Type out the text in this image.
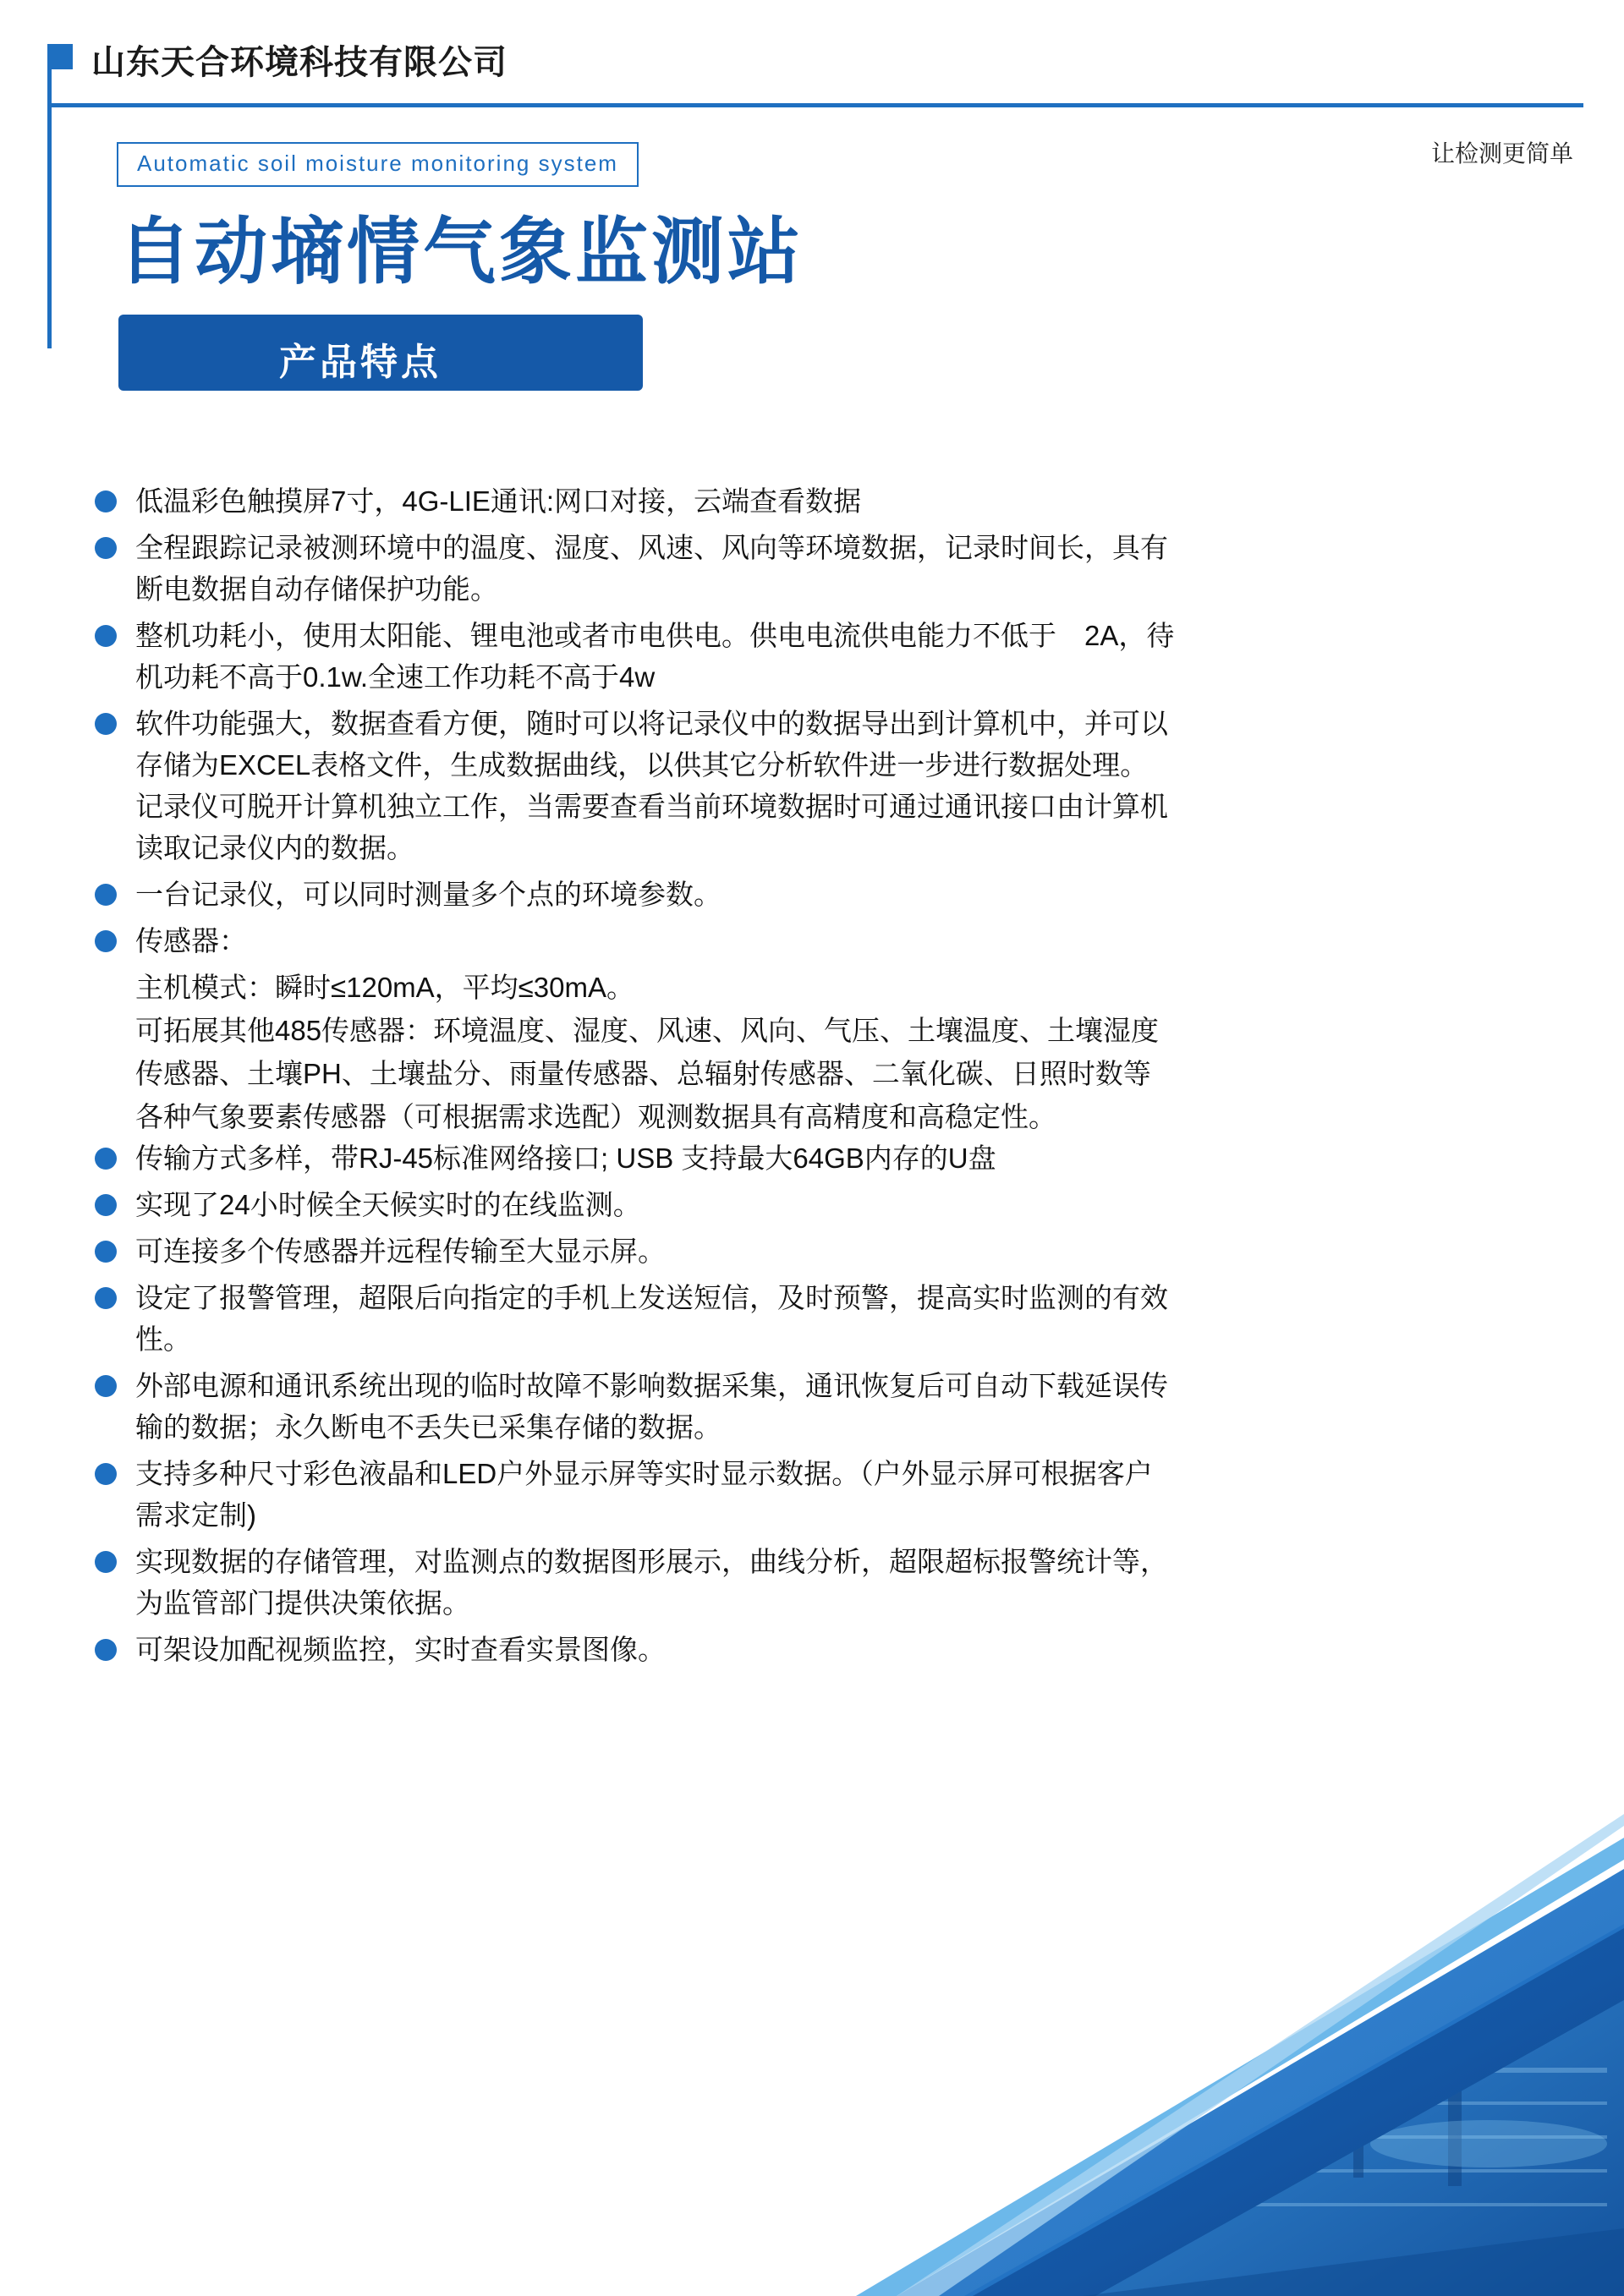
山东天合环境科技有限公司
让检测更简单
Automatic soil moisture monitoring system
自动墒情气象监测站
产品特点
低温彩色触摸屏7寸，4G-LIE通讯:网口对接，云端查看数据
全程跟踪记录被测环境中的温度、湿度、风速、风向等环境数据，记录时间长，具有
断电数据自动存储保护功能。
整机功耗小，使用太阳能、锂电池或者市电供电。供电电流供电能力不低于　2A，待
机功耗不高于0.1w.全速工作功耗不高于4w
软件功能强大，数据查看方便，随时可以将记录仪中的数据导出到计算机中，并可以
存储为EXCEL表格文件，生成数据曲线，以供其它分析软件进一步进行数据处理。
记录仪可脱开计算机独立工作，当需要查看当前环境数据时可通过通讯接口由计算机
读取记录仪内的数据。
一台记录仪，可以同时测量多个点的环境参数。
传感器：
主机模式：瞬时≤120mA，平均≤30mA。
可拓展其他485传感器：环境温度、湿度、风速、风向、气压、土壤温度、土壤湿度
传感器、土壤PH、土壤盐分、雨量传感器、总辐射传感器、二氧化碳、日照时数等
各种气象要素传感器（可根据需求选配）观测数据具有高精度和高稳定性。
传输方式多样，带RJ-45标准网络接口; USB 支持最大64GB内存的U盘
实现了24小时候全天候实时的在线监测。
可连接多个传感器并远程传输至大显示屏。
设定了报警管理，超限后向指定的手机上发送短信，及时预警，提高实时监测的有效
性。
外部电源和通讯系统出现的临时故障不影响数据采集，通讯恢复后可自动下载延误传
输的数据；永久断电不丢失已采集存储的数据。
支持多种尺寸彩色液晶和LED户外显示屏等实时显示数据。（户外显示屏可根据客户
需求定制)
实现数据的存储管理，对监测点的数据图形展示，曲线分析，超限超标报警统计等，
为监管部门提供决策依据。
可架设加配视频监控，实时查看实景图像。
